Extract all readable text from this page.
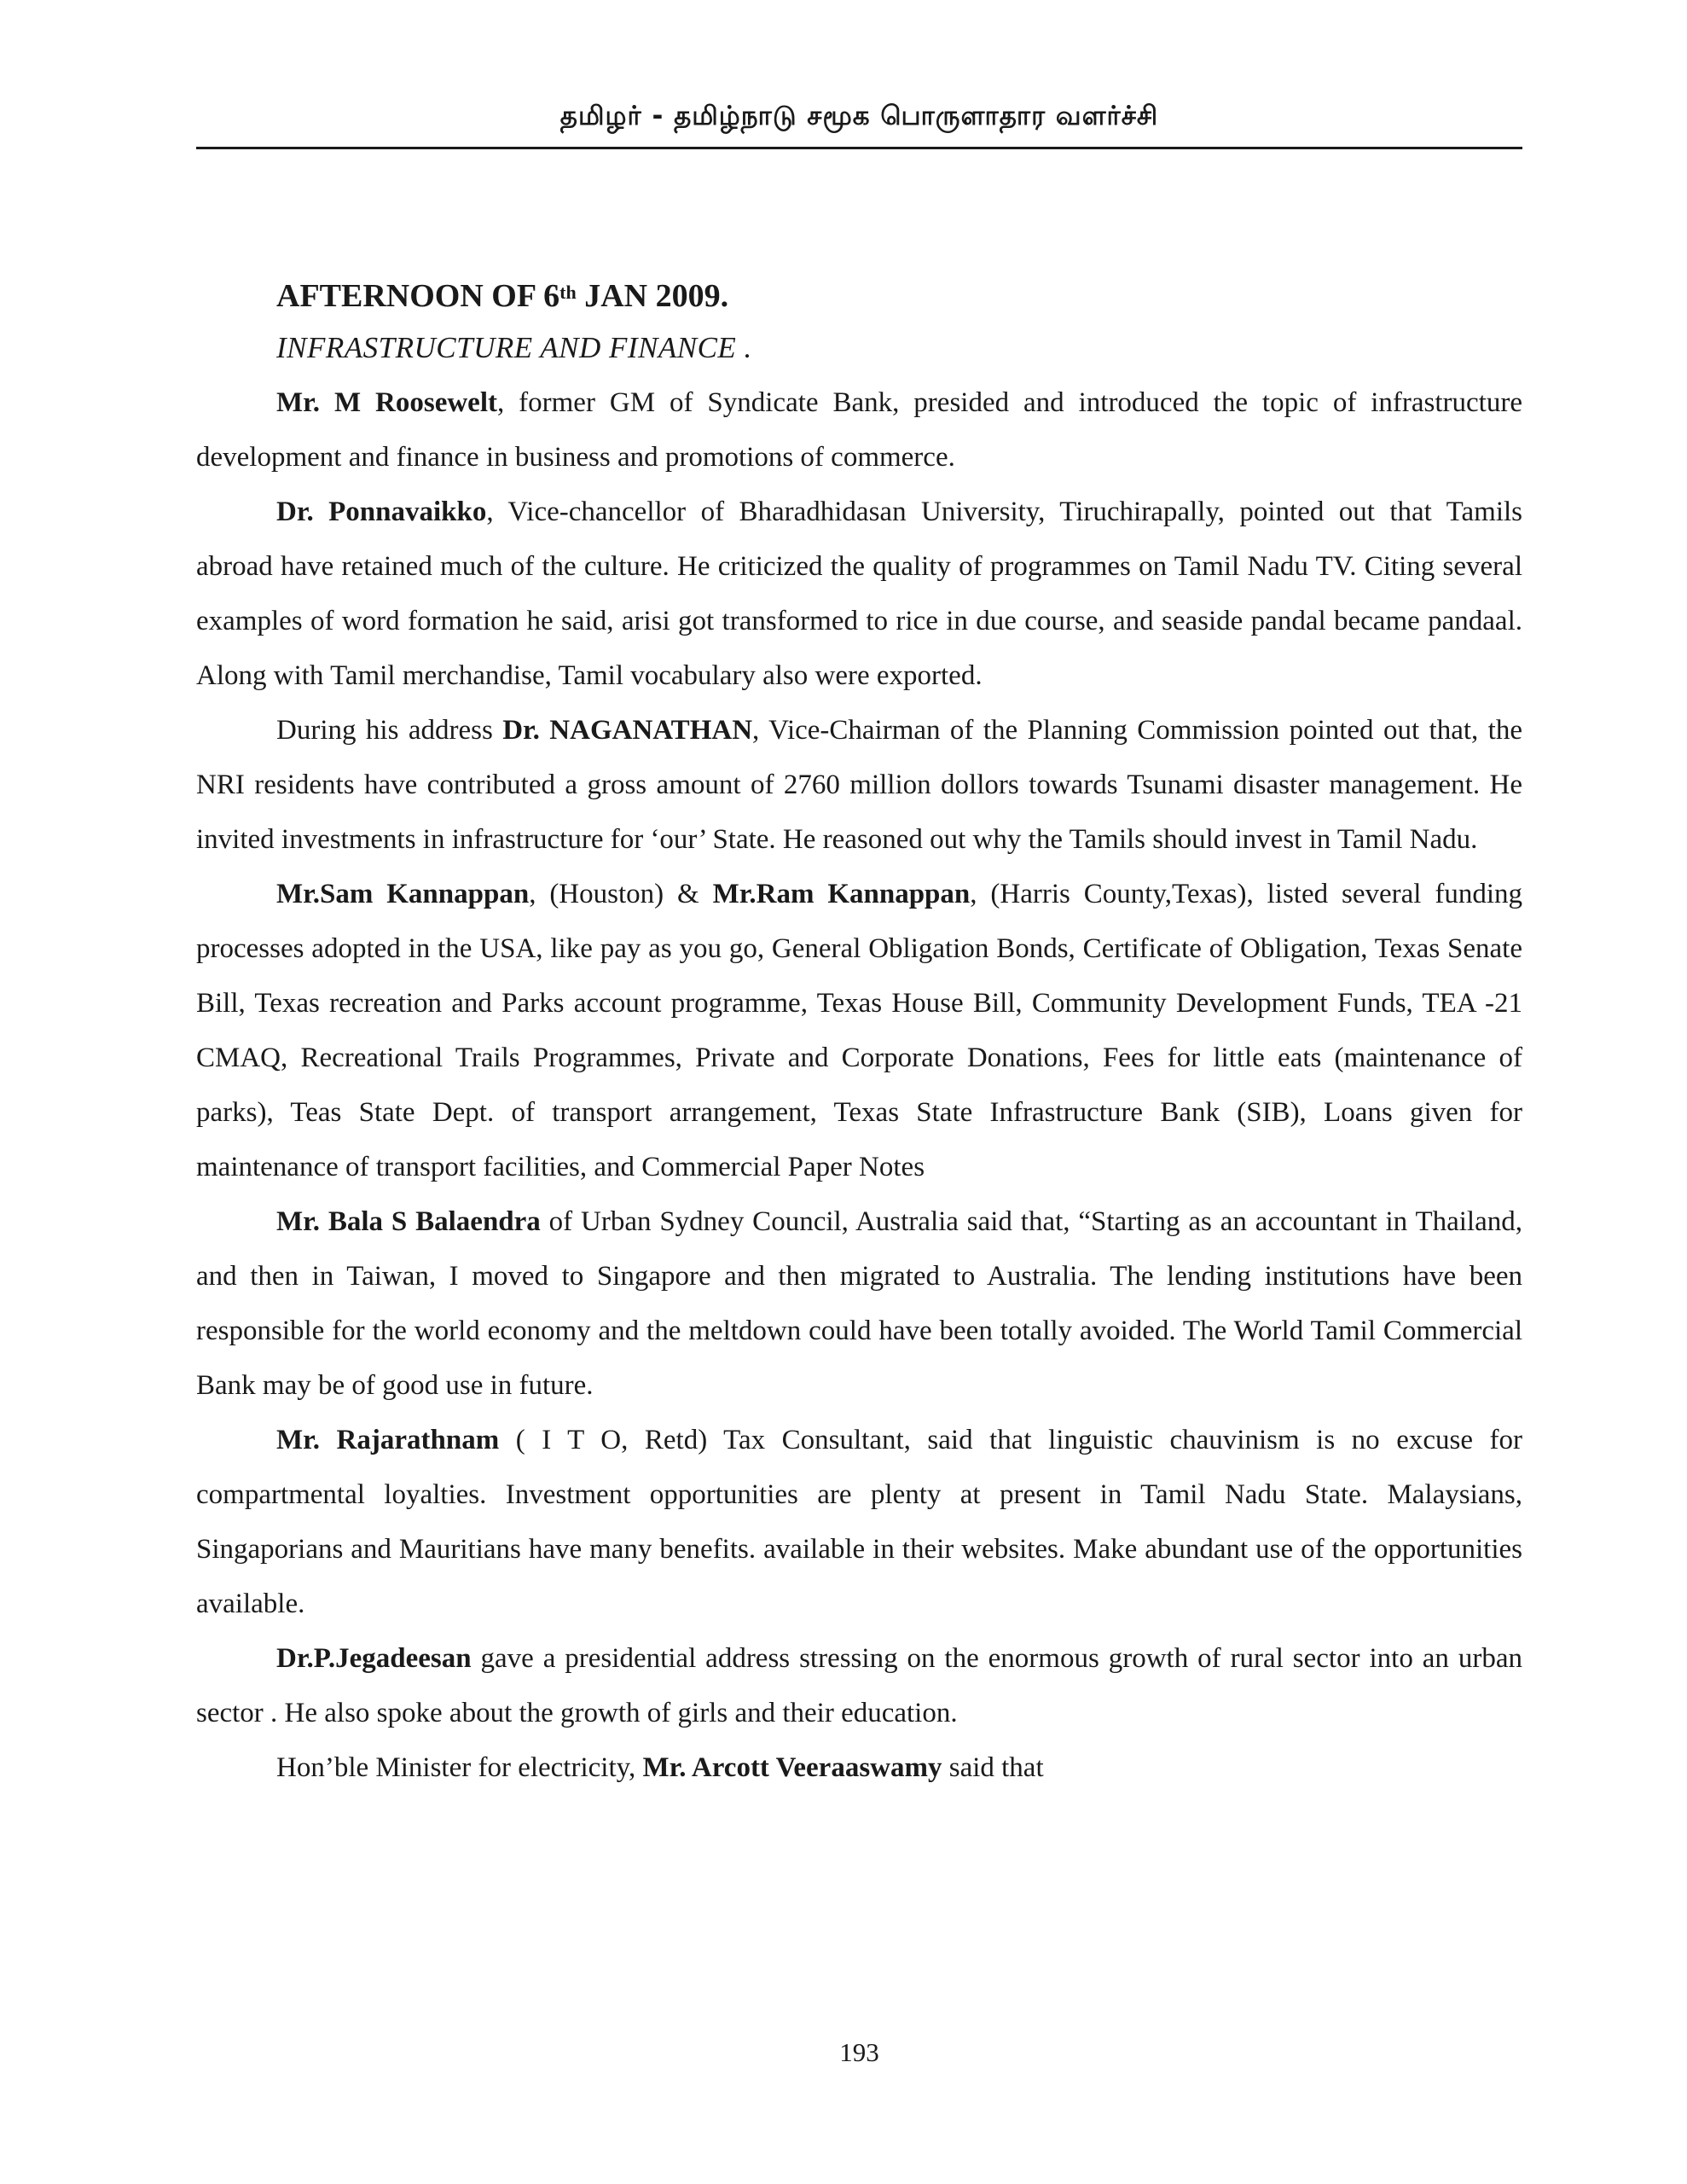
தமிழர் - தமிழ்நாடு சமூக பொருளாதார வளர்ச்சி

AFTERNOON OF 6th JAN 2009.

INFRASTRUCTURE AND FINANCE .

Mr. M Roosewelt, former GM of Syndicate Bank, presided and introduced the topic of infrastructure development and finance in business and promotions of commerce.

Dr. Ponnavaikko, Vice-chancellor of Bharadhidasan University, Tiruchirapally, pointed out that Tamils abroad have retained much of the culture. He criticized the quality of programmes on Tamil Nadu TV. Citing several examples of word formation he said, arisi got transformed to rice in due course, and seaside pandal became pandaal. Along with Tamil merchandise, Tamil vocabulary also were exported.

During his address Dr. NAGANATHAN, Vice-Chairman of the Planning Commission pointed out that, the NRI residents have contributed a gross amount of 2760 million dollors towards Tsunami disaster management. He invited investments in infrastructure for ‘our’ State. He reasoned out why the Tamils should invest in Tamil Nadu.

Mr.Sam Kannappan, (Houston) & Mr.Ram Kannappan, (Harris County,Texas), listed several funding processes adopted in the USA, like pay as you go, General Obligation Bonds, Certificate of Obligation, Texas Senate Bill, Texas recreation and Parks account programme, Texas House Bill, Community Development Funds, TEA -21 CMAQ, Recreational Trails Programmes, Private and Corporate Donations, Fees for little eats (maintenance of parks), Teas State Dept. of transport arrangement, Texas State Infrastructure Bank (SIB), Loans given for maintenance of transport facilities, and Commercial Paper Notes

Mr. Bala S Balaendra of Urban Sydney Council, Australia said that, “Starting as an accountant in Thailand, and then in Taiwan, I moved to Singapore and then migrated to Australia. The lending institutions have been responsible for the world economy and the meltdown could have been totally avoided. The World Tamil Commercial Bank may be of good use in future.

Mr. Rajarathnam ( I T O, Retd) Tax Consultant, said that linguistic chauvinism is no excuse for compartmental loyalties. Investment opportunities are plenty at present in Tamil Nadu State. Malaysians, Singaporians and Mauritians have many benefits. available in their websites. Make abundant use of the opportunities available.

Dr.P.Jegadeesan gave a presidential address stressing on the enormous growth of rural sector into an urban sector . He also spoke about the growth of girls and their education.

Hon’ble Minister for electricity, Mr. Arcott Veeraaswamy said that

193
